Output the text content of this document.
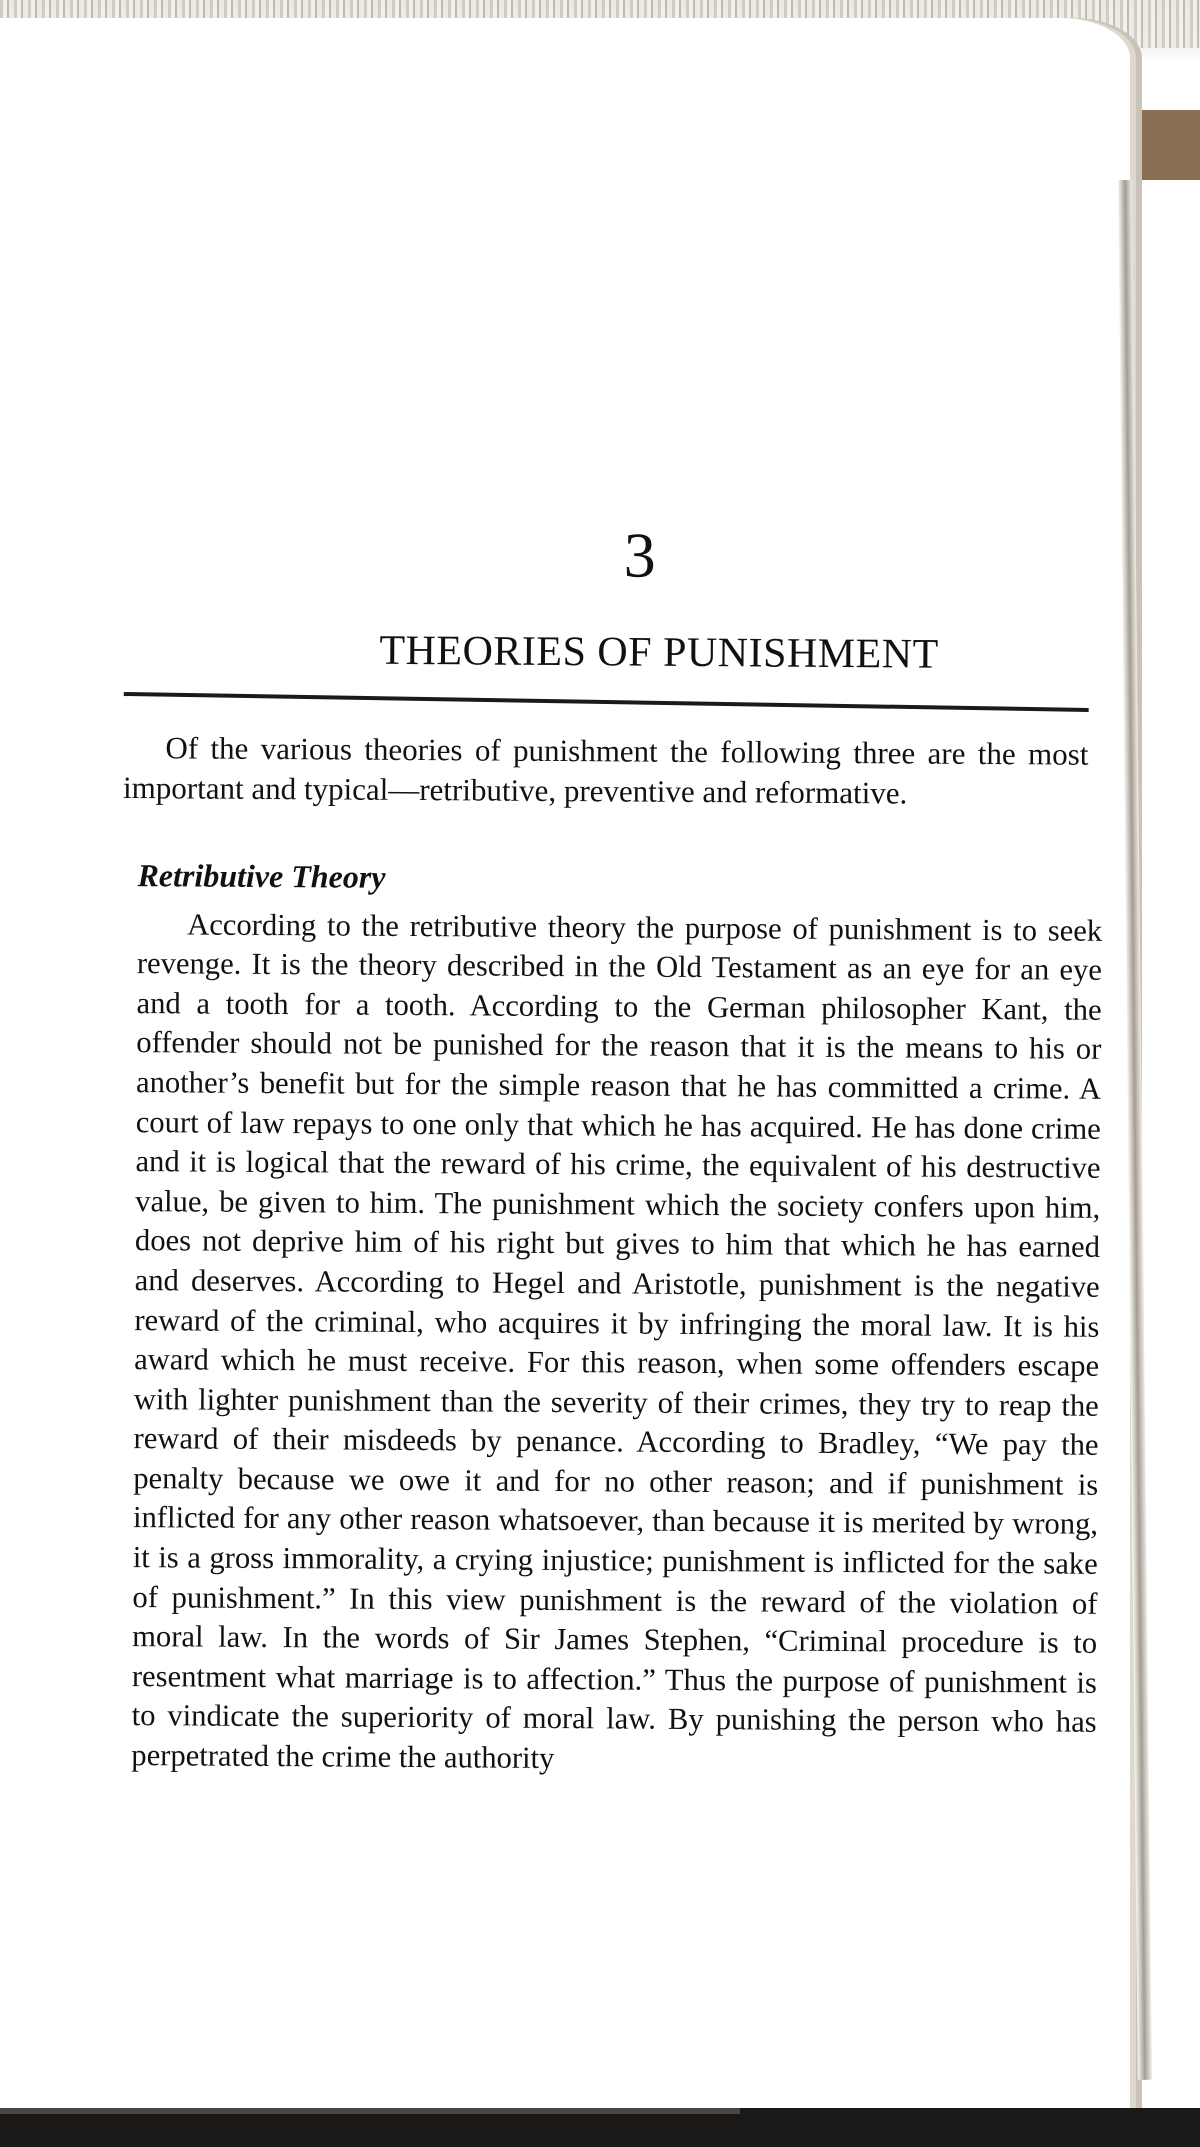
3
THEORIES OF PUNISHMENT

Of the various theories of punishment the following three are the most important and typical—retributive, preventive and reformative.

Retributive Theory

According to the retributive theory the purpose of punishment is to seek revenge. It is the theory described in the Old Testament as an eye for an eye and a tooth for a tooth. According to the German philosopher Kant, the offender should not be punished for the reason that it is the means to his or another’s benefit but for the simple reason that he has committed a crime. A court of law repays to one only that which he has acquired. He has done crime and it is logical that the reward of his crime, the equivalent of his destructive value, be given to him. The punishment which the society confers upon him, does not deprive him of his right but gives to him that which he has earned and deserves. According to Hegel and Aristotle, punishment is the negative reward of the criminal, who acquires it by infringing the moral law. It is his award which he must receive. For this reason, when some offenders escape with lighter punishment than the severity of their crimes, they try to reap the reward of their misdeeds by penance. According to Bradley, “We pay the penalty because we owe it and for no other reason; and if punishment is inflicted for any other reason whatsoever, than because it is merited by wrong, it is a gross immorality, a crying injustice; punishment is inflicted for the sake of punishment.” In this view punishment is the reward of the violation of moral law. In the words of Sir James Stephen, “Criminal procedure is to resentment what marriage is to affection.” Thus the purpose of punishment is to vindicate the superiority of moral law. By punishing the person who has perpetrated the crime the authority
